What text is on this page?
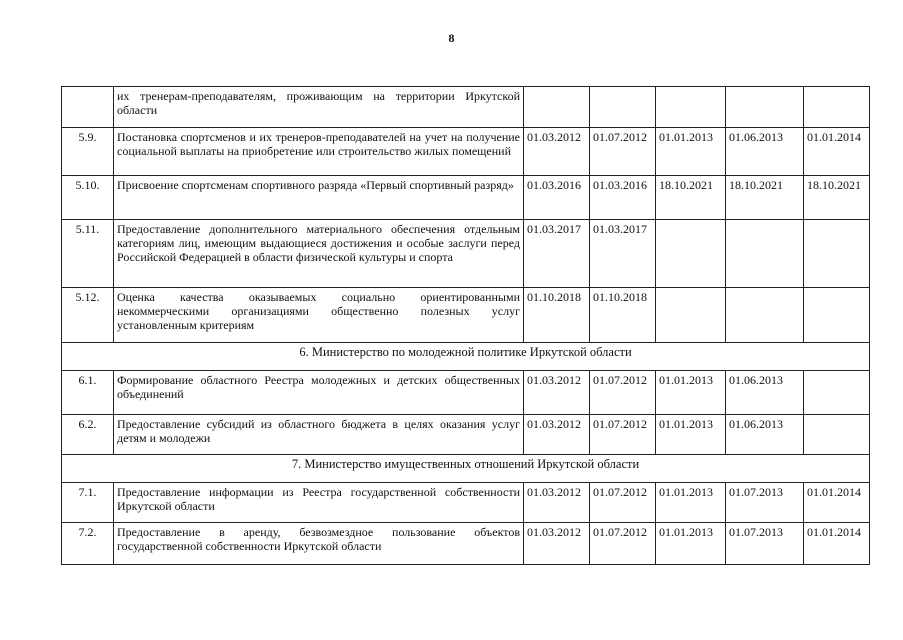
8
	их тренерам-преподавателям, проживающим на территории Иркутской области					
5.9.	Постановка спортсменов и их тренеров-преподавателей на учет на получение социальной выплаты на приобретение или строительство жилых помещений	01.03.2012	01.07.2012	01.01.2013	01.06.2013	01.01.2014
5.10.	Присвоение спортсменам спортивного разряда «Первый спортивный разряд»	01.03.2016	01.03.2016	18.10.2021	18.10.2021	18.10.2021
5.11.	Предоставление дополнительного материального обеспечения отдельным категориям лиц, имеющим выдающиеся достижения и особые заслуги перед Российской Федерацией в области физической культуры и спорта	01.03.2017	01.03.2017			
5.12.	Оценка качества оказываемых социально ориентированными некоммерческими организациями общественно полезных услуг установленным критериям	01.10.2018	01.10.2018			
6. Министерство по молодежной политике Иркутской области						
6.1.	Формирование областного Реестра молодежных и детских общественных объединений	01.03.2012	01.07.2012	01.01.2013	01.06.2013	
6.2.	Предоставление субсидий из областного бюджета в целях оказания услуг детям и молодежи	01.03.2012	01.07.2012	01.01.2013	01.06.2013	
7. Министерство имущественных отношений Иркутской области						
7.1.	Предоставление информации из Реестра государственной собственности Иркутской области	01.03.2012	01.07.2012	01.01.2013	01.07.2013	01.01.2014
7.2.	Предоставление в аренду, безвозмездное пользование объектов государственной собственности Иркутской области	01.03.2012	01.07.2012	01.01.2013	01.07.2013	01.01.2014
